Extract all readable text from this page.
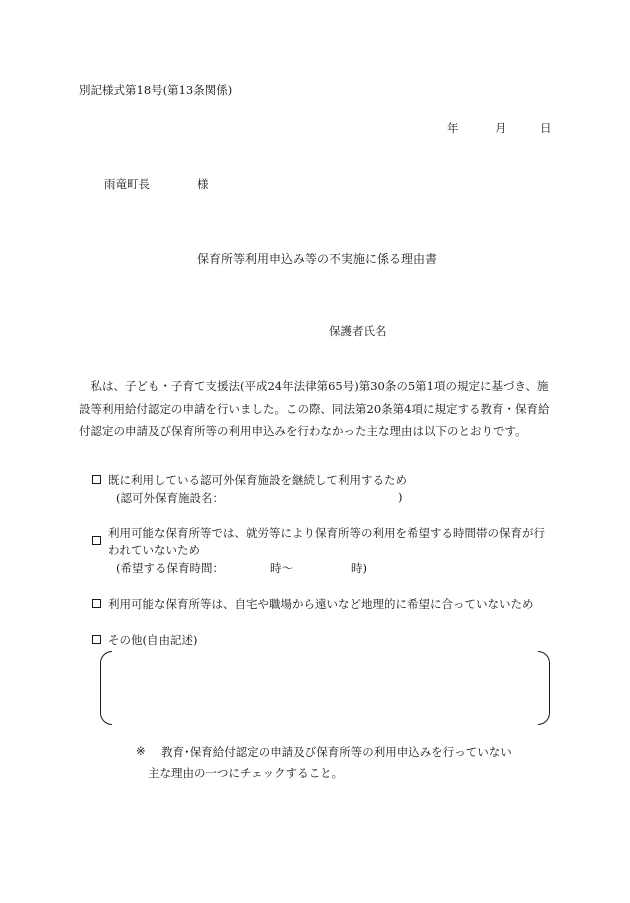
別記様式第18号(第13条関係)
年	月	日
雨竜町長	様
保育所等利用申込み等の不実施に係る理由書
保護者氏名

私は、子ども・子育て支援法(平成24年法律第65号)第30条の5第1項の規定に基づき、施設等利用給付認定の申請を行いました。この際、同法第20条第4項に規定する教育・保育給付認定の申請及び保育所等の利用申込みを行わなかった主な理由は以下のとおりです。

既に利用している認可外保育施設を継続して利用するため
(認可外保育施設名：	)
利用可能な保育所等では、就労等により保育所等の利用を希望する時間帯の保育が行われていないため
(希望する保育時間：	時～	時)
利用可能な保育所等は、自宅や職場から遠いなど地理的に希望に合っていないため
その他(自由記述)
※ 教育･保育給付認定の申請及び保育所等の利用申込みを行っていない
主な理由の一つにチェックすること。
